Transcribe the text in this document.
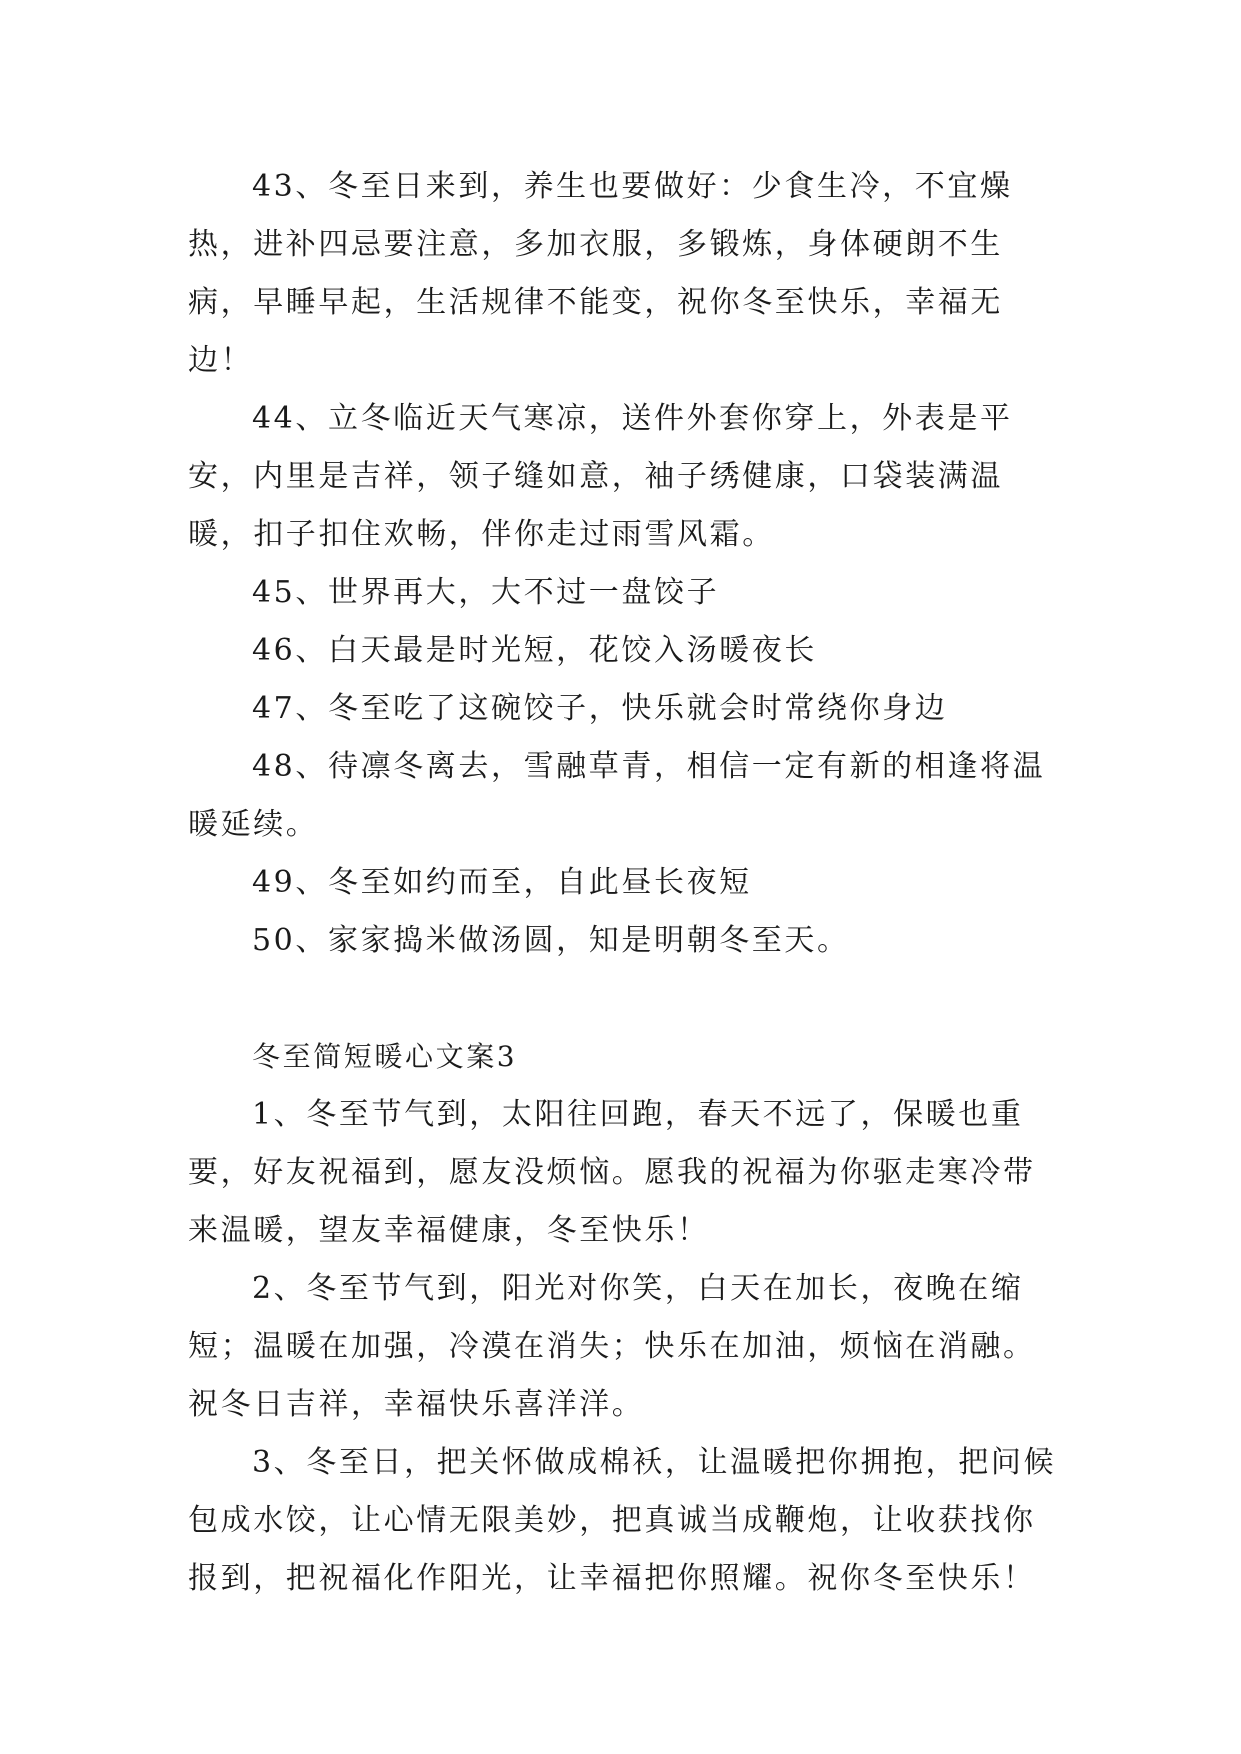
43、冬至日来到，养生也要做好：少食生冷，不宜燥热，进补四忌要注意，多加衣服，多锻炼，身体硬朗不生病，早睡早起，生活规律不能变，祝你冬至快乐，幸福无边！

44、立冬临近天气寒凉，送件外套你穿上，外表是平安，内里是吉祥，领子缝如意，袖子绣健康，口袋装满温暖，扣子扣住欢畅，伴你走过雨雪风霜。

45、世界再大，大不过一盘饺子

46、白天最是时光短，花饺入汤暖夜长

47、冬至吃了这碗饺子，快乐就会时常绕你身边

48、待凛冬离去，雪融草青，相信一定有新的相逢将温暖延续。

49、冬至如约而至，自此昼长夜短

50、家家捣米做汤圆，知是明朝冬至天。

冬至简短暖心文案3

1、冬至节气到，太阳往回跑，春天不远了，保暖也重要，好友祝福到，愿友没烦恼。愿我的祝福为你驱走寒冷带来温暖，望友幸福健康，冬至快乐！

2、冬至节气到，阳光对你笑，白天在加长，夜晚在缩短；温暖在加强，冷漠在消失；快乐在加油，烦恼在消融。祝冬日吉祥，幸福快乐喜洋洋。

3、冬至日，把关怀做成棉袄，让温暖把你拥抱，把问候包成水饺，让心情无限美妙，把真诚当成鞭炮，让收获找你报到，把祝福化作阳光，让幸福把你照耀。祝你冬至快乐！
